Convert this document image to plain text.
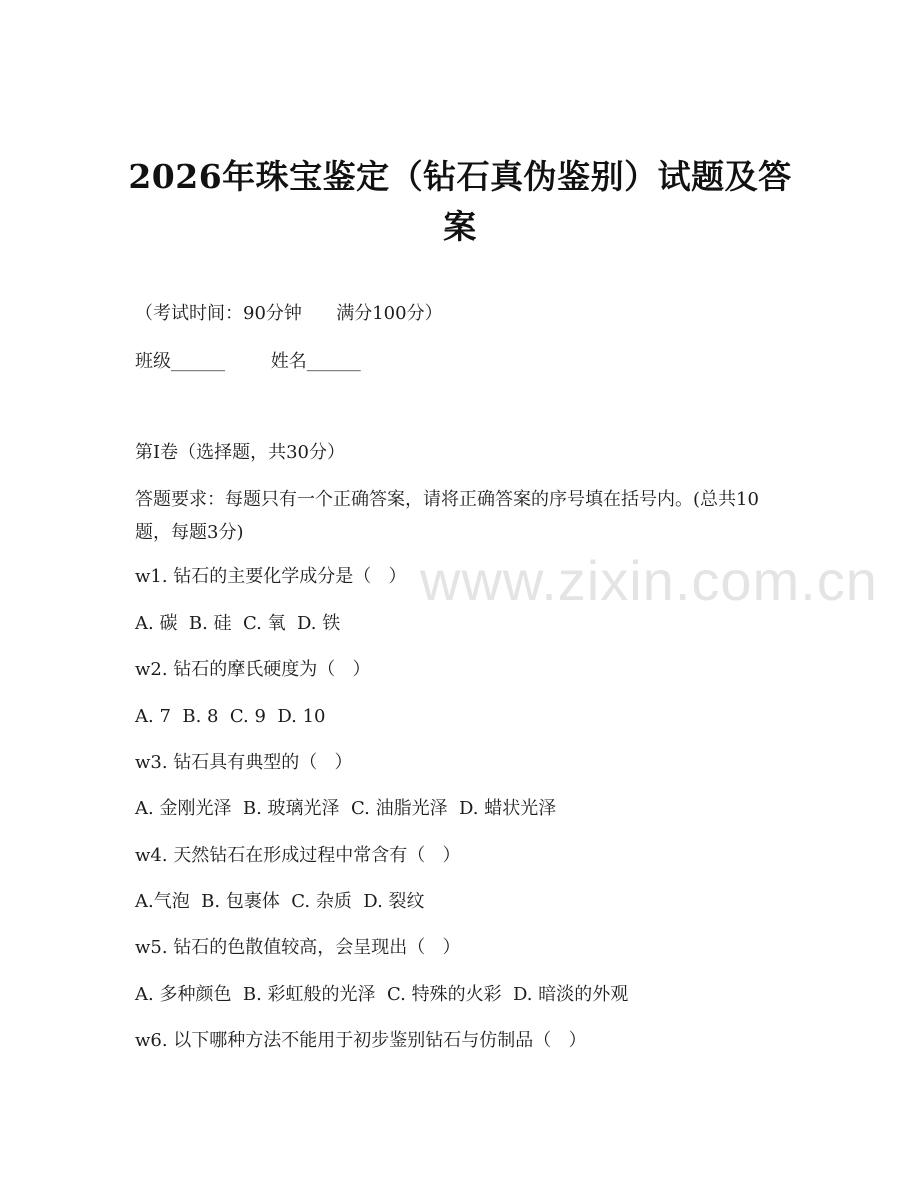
www.zixin.com.cn
2026年珠宝鉴定（钻石真伪鉴别）试题及答案
（考试时间：90分钟      满分100分）
班级______        姓名______
第Ⅰ卷（选择题，共30分）
答题要求：每题只有一个正确答案，请将正确答案的序号填在括号内。(总共10题，每题3分)
w1. 钻石的主要化学成分是（   ）
A. 碳  B. 硅  C. 氧  D. 铁
w2. 钻石的摩氏硬度为（   ）
A. 7  B. 8  C. 9  D. 10
w3. 钻石具有典型的（   ）
A. 金刚光泽  B. 玻璃光泽  C. 油脂光泽  D. 蜡状光泽
w4. 天然钻石在形成过程中常含有（   ）
A.气泡  B. 包裹体  C. 杂质  D. 裂纹
w5. 钻石的色散值较高，会呈现出（   ）
A. 多种颜色  B. 彩虹般的光泽  C. 特殊的火彩  D. 暗淡的外观
w6. 以下哪种方法不能用于初步鉴别钻石与仿制品（   ）
